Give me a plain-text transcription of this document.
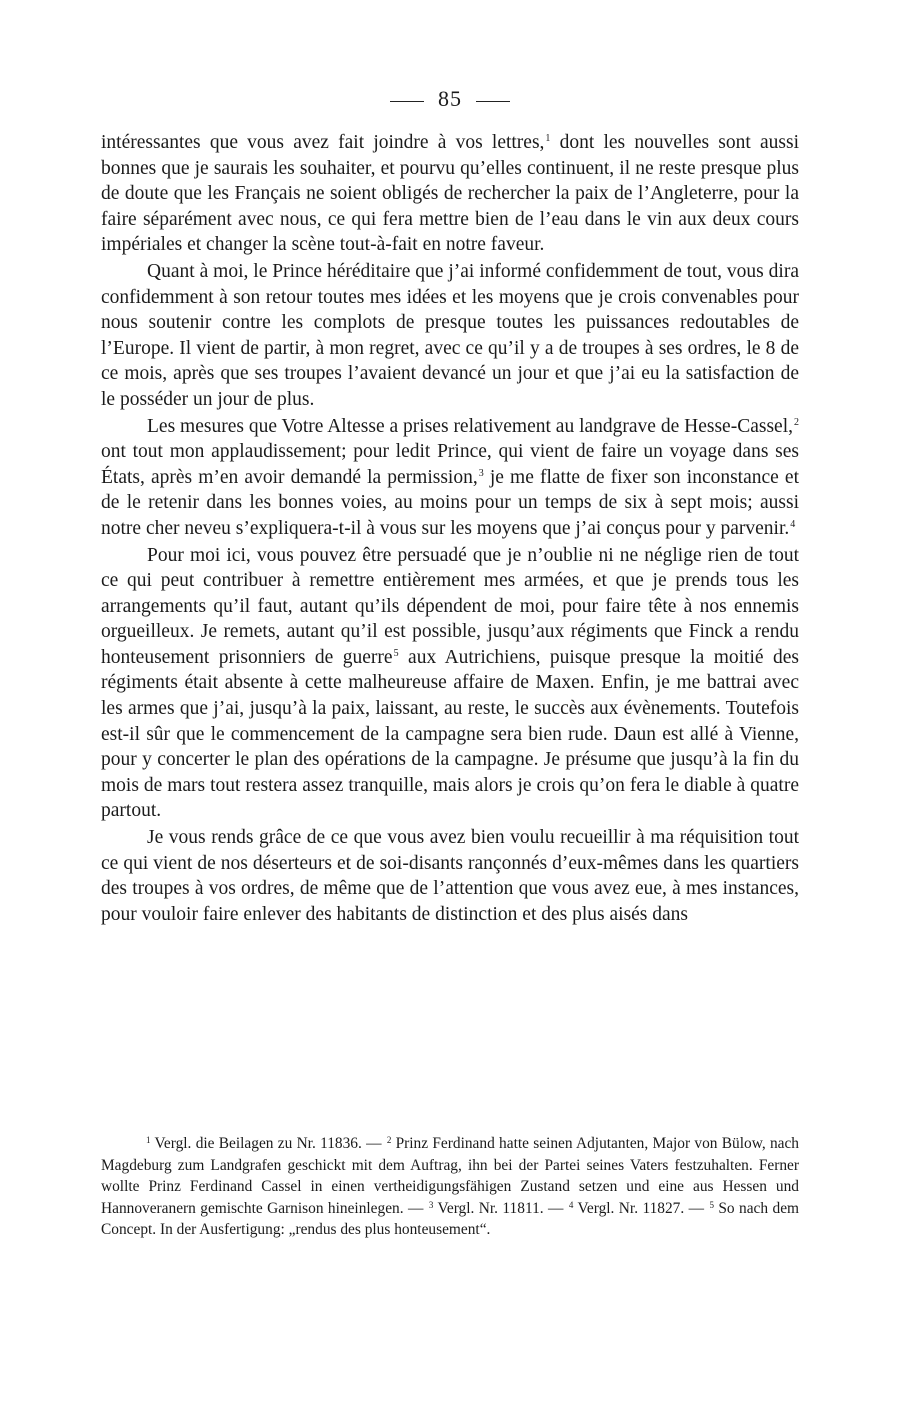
85

intéressantes que vous avez fait joindre à vos lettres,$^1$ dont les nouvelles sont aussi bonnes que je saurais les souhaiter, et pourvu qu’elles continuent, il ne reste presque plus de doute que les Français ne soient obligés de rechercher la paix de l’Angleterre, pour la faire séparément avec nous, ce qui fera mettre bien de l’eau dans le vin aux deux cours impériales et changer la scène tout-à-fait en notre faveur.

Quant à moi, le Prince héréditaire que j’ai informé confidemment de tout, vous dira confidemment à son retour toutes mes idées et les moyens que je crois convenables pour nous soutenir contre les complots de presque toutes les puissances redoutables de l’Europe. Il vient de partir, à mon regret, avec ce qu’il y a de troupes à ses ordres, le 8 de ce mois, après que ses troupes l’avaient devancé un jour et que j’ai eu la satisfaction de le posséder un jour de plus.

Les mesures que Votre Altesse a prises relativement au landgrave de Hesse-Cassel,$^2$ ont tout mon applaudissement; pour ledit Prince, qui vient de faire un voyage dans ses États, après m’en avoir demandé la permission,$^3$ je me flatte de fixer son inconstance et de le retenir dans les bonnes voies, au moins pour un temps de six à sept mois; aussi notre cher neveu s’expliquera-t-il à vous sur les moyens que j’ai conçus pour y parvenir.$^4$

Pour moi ici, vous pouvez être persuadé que je n’oublie ni ne néglige rien de tout ce qui peut contribuer à remettre entièrement mes armées, et que je prends tous les arrangements qu’il faut, autant qu’ils dépendent de moi, pour faire tête à nos ennemis orgueilleux. Je remets, autant qu’il est possible, jusqu’aux régiments que Finck a rendu honteusement prisonniers de guerre$^5$ aux Autrichiens, puisque presque la moitié des régiments était absente à cette malheureuse affaire de Maxen. Enfin, je me battrai avec les armes que j’ai, jusqu’à la paix, laissant, au reste, le succès aux évènements. Toutefois est-il sûr que le commencement de la campagne sera bien rude. Daun est allé à Vienne, pour y concerter le plan des opérations de la campagne. Je présume que jusqu’à la fin du mois de mars tout restera assez tranquille, mais alors je crois qu’on fera le diable à quatre partout.

Je vous rends grâce de ce que vous avez bien voulu recueillir à ma réquisition tout ce qui vient de nos déserteurs et de soi-disants rançonnés d’eux-mêmes dans les quartiers des troupes à vos ordres, de même que de l’attention que vous avez eue, à mes instances, pour vouloir faire enlever des habitants de distinction et des plus aisés dans

$^1$ Vergl. die Beilagen zu Nr. 11836. — $^2$ Prinz Ferdinand hatte seinen Adjutanten, Major von Bülow, nach Magdeburg zum Landgrafen geschickt mit dem Auftrag, ihn bei der Partei seines Vaters festzuhalten. Ferner wollte Prinz Ferdinand Cassel in einen vertheidigungsfähigen Zustand setzen und eine aus Hessen und Hannoveranern gemischte Garnison hineinlegen. — $^3$ Vergl. Nr. 11811. — $^4$ Vergl. Nr. 11827. — $^5$ So nach dem Concept. In der Ausfertigung: „rendus des plus honteusement“.
